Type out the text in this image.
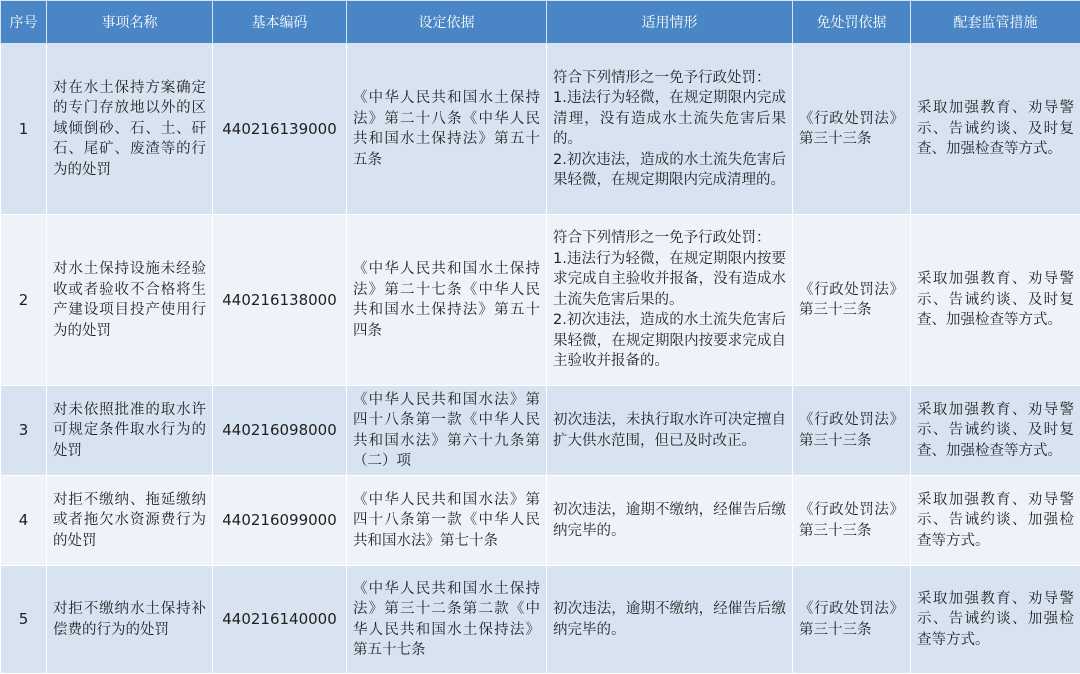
序号	事项名称	基本编码	设定依据	适用情形	免处罚依据	配套监管措施
1	对在水土保持方案确定的专门存放地以外的区域倾倒砂、石、土、矸石、尾矿、废渣等的行为的处罚	440216139000	《中华人民共和国水土保持法》第二十八条《中华人民共和国水土保持法》第五十五条	符合下列情形之一免予行政处罚：

1.违法行为轻微，在规定期限内完成清理，没有造成水土流失危害后果的。

2.初次违法，造成的水土流失危害后果轻微，在规定期限内完成清理的。	《行政处罚法》第三十三条	采取加强教育、劝导警示、告诫约谈、及时复查、加强检查等方式。
2	对水土保持设施未经验收或者验收不合格将生产建设项目投产使用行为的处罚	440216138000	《中华人民共和国水土保持法》第二十七条《中华人民共和国水土保持法》第五十四条	符合下列情形之一免予行政处罚：

1.违法行为轻微，在规定期限内按要求完成自主验收并报备，没有造成水土流失危害后果的。

2.初次违法，造成的水土流失危害后果轻微，在规定期限内按要求完成自主验收并报备的。	《行政处罚法》第三十三条	采取加强教育、劝导警示、告诫约谈、及时复查、加强检查等方式。
3	对未依照批准的取水许可规定条件取水行为的处罚	440216098000	《中华人民共和国水法》第四十八条第一款《中华人民共和国水法》第六十九条第（二）项	初次违法，未执行取水许可决定擅自扩大供水范围，但已及时改正。	《行政处罚法》第三十三条	采取加强教育、劝导警示、告诫约谈、及时复查、加强检查等方式。
4	对拒不缴纳、拖延缴纳或者拖欠水资源费行为的处罚	440216099000	《中华人民共和国水法》第四十八条第一款《中华人民共和国水法》第七十条	初次违法，逾期不缴纳，经催告后缴纳完毕的。	《行政处罚法》第三十三条	采取加强教育、劝导警示、告诫约谈、加强检查等方式。
5	对拒不缴纳水土保持补偿费的行为的处罚	440216140000	《中华人民共和国水土保持法》第三十二条第二款《中华人民共和国水土保持法》第五十七条	初次违法，逾期不缴纳，经催告后缴纳完毕的。	《行政处罚法》第三十三条	采取加强教育、劝导警示、告诫约谈、加强检查等方式。
